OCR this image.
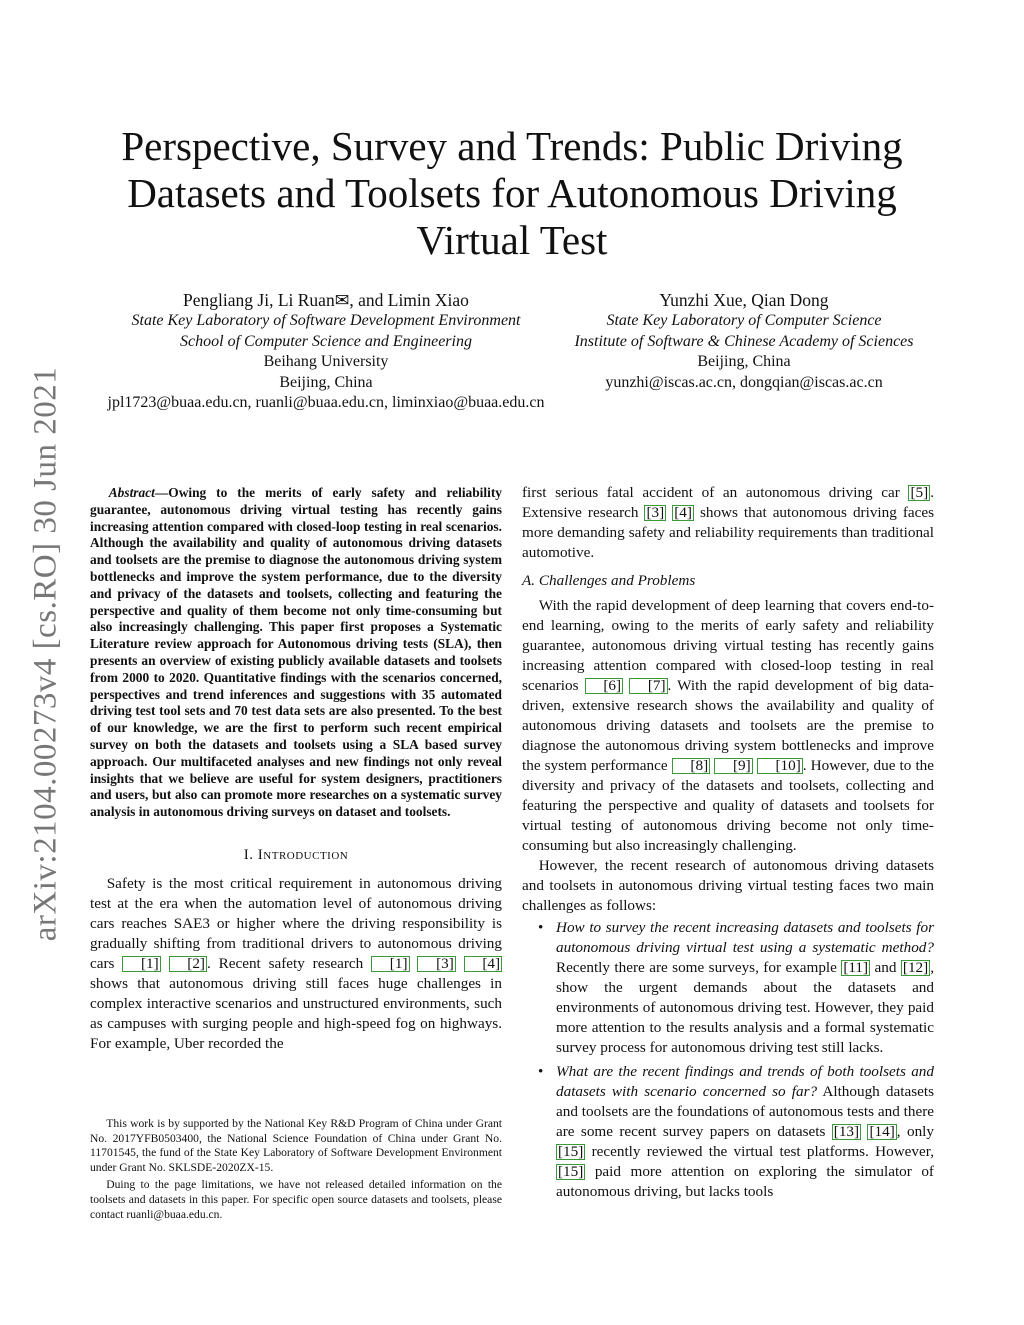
arXiv:2104.00273v4 [cs.RO] 30 Jun 2021
Perspective, Survey and Trends: Public Driving Datasets and Toolsets for Autonomous Driving Virtual Test
Pengliang Ji, Li Ruan✉, and Limin Xiao
State Key Laboratory of Software Development Environment
School of Computer Science and Engineering
Beihang University
Beijing, China
jpl1723@buaa.edu.cn, ruanli@buaa.edu.cn, liminxiao@buaa.edu.cn
Yunzhi Xue, Qian Dong
State Key Laboratory of Computer Science
Institute of Software & Chinese Academy of Sciences
Beijing, China
yunzhi@iscas.ac.cn, dongqian@iscas.ac.cn

Abstract—Owing to the merits of early safety and reliability guarantee, autonomous driving virtual testing has recently gains increasing attention compared with closed-loop testing in real scenarios. Although the availability and quality of autonomous driving datasets and toolsets are the premise to diagnose the autonomous driving system bottlenecks and improve the system performance, due to the diversity and privacy of the datasets and toolsets, collecting and featuring the perspective and quality of them become not only time-consuming but also increasingly challenging. This paper first proposes a Systematic Literature review approach for Autonomous driving tests (SLA), then presents an overview of existing publicly available datasets and toolsets from 2000 to 2020. Quantitative findings with the scenarios concerned, perspectives and trend inferences and suggestions with 35 automated driving test tool sets and 70 test data sets are also presented. To the best of our knowledge, we are the first to perform such recent empirical survey on both the datasets and toolsets using a SLA based survey approach. Our multifaceted analyses and new findings not only reveal insights that we believe are useful for system designers, practitioners and users, but also can promote more researches on a systematic survey analysis in autonomous driving surveys on dataset and toolsets.

I. Introduction

Safety is the most critical requirement in autonomous driving test at the era when the automation level of autonomous driving cars reaches SAE3 or higher where the driving responsibility is gradually shifting from traditional drivers to autonomous driving cars [1] [2] . Recent safety research [1] [3] [4] shows that autonomous driving still faces huge challenges in complex interactive scenarios and unstructured environments, such as campuses with surging people and high-speed fog on highways. For example, Uber recorded the

This work is by supported by the National Key R&D Program of China under Grant No. 2017YFB0503400, the National Science Foundation of China under Grant No. 11701545, the fund of the State Key Laboratory of Software Development Environment under Grant No. SKLSDE-2020ZX-15.

Duing to the page limitations, we have not released detailed information on the toolsets and datasets in this paper. For specific open source datasets and toolsets, please contact ruanli@buaa.edu.cn.

first serious fatal accident of an autonomous driving car [5] . Extensive research [3] [4] shows that autonomous driving faces more demanding safety and reliability requirements than traditional automotive.

A. Challenges and Problems

With the rapid development of deep learning that covers end-to-end learning, owing to the merits of early safety and reliability guarantee, autonomous driving virtual testing has recently gains increasing attention compared with closed-loop testing in real scenarios [6] [7] . With the rapid development of big data-driven, extensive research shows the availability and quality of autonomous driving datasets and toolsets are the premise to diagnose the autonomous driving system bottlenecks and improve the system performance [8] [9] [10] . However, due to the diversity and privacy of the datasets and toolsets, collecting and featuring the perspective and quality of datasets and toolsets for virtual testing of autonomous driving become not only time-consuming but also increasingly challenging.

However, the recent research of autonomous driving datasets and toolsets in autonomous driving virtual testing faces two main challenges as follows:

• How to survey the recent increasing datasets and toolsets for autonomous driving virtual test using a systematic method? Recently there are some surveys, for example [11] and [12] , show the urgent demands about the datasets and environments of autonomous driving test. However, they paid more attention to the results analysis and a formal systematic survey process for autonomous driving test still lacks.
• What are the recent findings and trends of both toolsets and datasets with scenario concerned so far? Although datasets and toolsets are the foundations of autonomous tests and there are some recent survey papers on datasets [13] [14] , only [15] recently reviewed the virtual test platforms. However, [15] paid more attention on exploring the simulator of autonomous driving, but lacks tools
